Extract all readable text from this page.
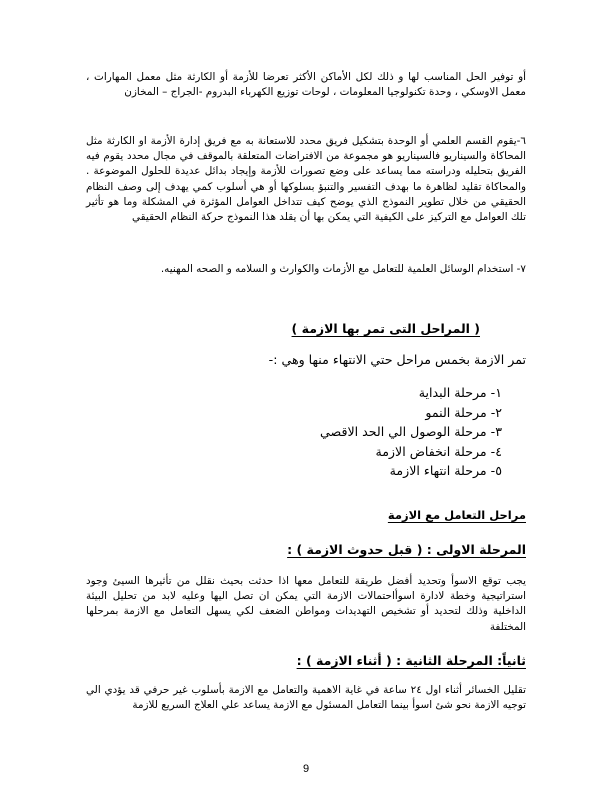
أو توفير الحل المناسب لها و ذلك لكل الأماكن الأكثر تعرضا للأزمة أو الكارثة مثل معمل المهارات ، معمل الاوسكي ، وحدة تكنولوجيا المعلومات ، لوحات توزيع الكهرباء البدروم -الجراج – المخازن
٦-يقوم القسم العلمي أو الوحدة بتشكيل فريق محدد للاستعانة به مع فريق إدارة الأزمة او الكارثة مثل المحاكاة والسيناريو فالسيناريو هو مجموعة من الافتراضات المتعلقة بالموقف في مجال محدد يقوم فيه الفريق بتحليله ودراسته مما يساعد على وضع تصورات للأزمة وإيجاد بدائل عديدة للحلول الموضوعة . والمحاكاة تقليد لظاهرة ما بهدف التفسير والتنبؤ بسلوكها أو هي أسلوب كمي يهدف إلى وصف النظام الحقيقي من خلال تطوير النموذج الذي يوضح كيف تتداخل العوامل المؤثرة في المشكلة وما هو تأثير تلك العوامل مع التركيز على الكيفية التي يمكن بها أن يقلد هذا النموذج حركة النظام الحقيقي
٧- استخدام الوسائل العلمية للتعامل مع الأزمات والكوارث و السلامه و الصحه المهنيه.
( المراحل التى تمر بها الازمة )
تمر الازمة بخمس مراحل حتي الانتهاء منها وهي :-
١- مرحلة البداية
٢- مرحلة النمو
٣- مرحلة الوصول الي الحد الاقصي
٤- مرحلة انخفاض الازمة
٥- مرحلة انتهاء الازمة
مراحل التعامل مع الازمة
المرحلة الاولى : ( قبل حدوث الازمة ) :
يجب توقع الاسوأ وتحديد أفضل طريقة للتعامل معها اذا حدثت بحيث نقلل من تأثيرها السيئ وجود استراتيجية وخطة لادارة اسوأاحتمالات الازمة التي يمكن ان تصل اليها وعليه لابد من تحليل البيئة الداخلية وذلك لتحديد أو تشخيص التهديدات ومواطن الضعف لكي يسهل التعامل مع الازمة بمرحلها المختلفة
ثانياً: المرحلة الثانية : ( أثناء الازمة ) :
تقليل الخسائر أثناء اول ٢٤ ساعة في غاية الاهمية والتعامل مع الازمة بأسلوب غير حرفي قد يؤدي الي توجيه الازمة نحو شئ اسوأ بينما التعامل المسئول مع الازمة يساعد علي العلاج السريع للازمة
9
